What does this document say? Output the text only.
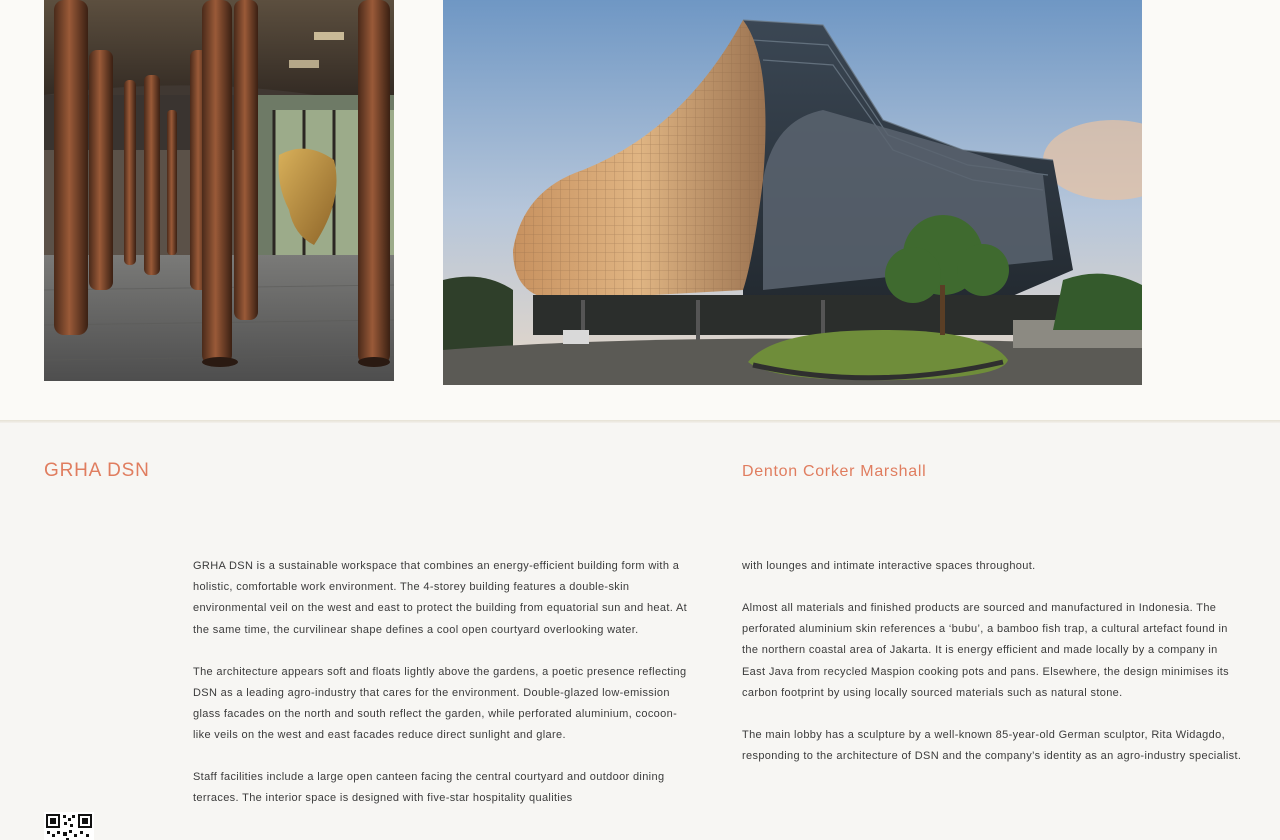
GRHA DSN	Denton Corker Marshall

GRHA DSN is a sustainable workspace that combines an energy-efficient building form with a holistic, comfortable work environment. The 4-storey building features a double-skin environmental veil on the west and east to protect the building from equatorial sun and heat. At the same time, the curvilinear shape defines a cool open courtyard overlooking water.

The architecture appears soft and floats lightly above the gardens, a poetic presence reflecting DSN as a leading agro-industry that cares for the environment. Double-glazed low-emission glass facades on the north and south reflect the garden, while perforated aluminium, cocoon-like veils on the west and east facades reduce direct sunlight and glare.

Staff facilities include a large open canteen facing the central courtyard and outdoor dining terraces. The interior space is designed with five-star hospitality qualities

with lounges and intimate interactive spaces throughout.

Almost all materials and finished products are sourced and manufactured in Indonesia. The perforated aluminium skin references a ‘bubu’, a bamboo fish trap, a cultural artefact found in the northern coastal area of Jakarta. It is energy efficient and made locally by a company in East Java from recycled Maspion cooking pots and pans. Elsewhere, the design minimises its carbon footprint by using locally sourced materials such as natural stone.

The main lobby has a sculpture by a well-known 85-year-old German sculptor, Rita Widagdo, responding to the architecture of DSN and the company’s identity as an agro-industry specialist.
